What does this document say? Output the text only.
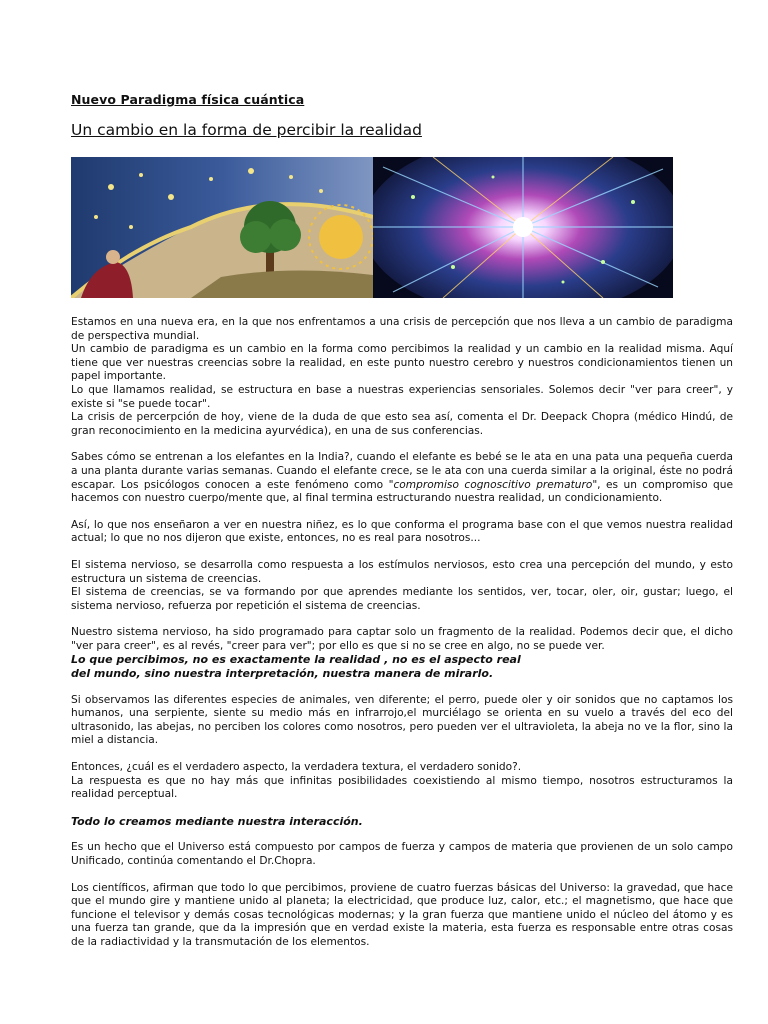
Nuevo Paradigma física cuántica
Un cambio en la forma de percibir la realidad
Estamos en una nueva era, en la que nos enfrentamos a una crisis de percepción que nos lleva a un cambio de paradigma de perspectiva mundial.
Un cambio de paradigma es un cambio en la forma como percibimos la realidad y un cambio en la realidad misma. Aquí tiene que ver nuestras creencias sobre la realidad, en este punto nuestro cerebro y nuestros condicionamientos tienen un papel importante.
Lo que llamamos realidad, se estructura en base a nuestras experiencias sensoriales. Solemos decir "ver para creer", y existe si "se puede tocar".
La crisis de percerpción de hoy, viene de la duda de que esto sea así, comenta el Dr. Deepack Chopra (médico Hindú, de gran reconocimiento en la medicina ayurvédica), en una de sus conferencias.
Sabes cómo se entrenan a los elefantes en la India?, cuando el elefante es bebé se le ata en una pata una pequeña cuerda a una planta durante varias semanas. Cuando el elefante crece, se le ata con una cuerda similar a la original, éste no podrá escapar. Los psicólogos conocen a este fenómeno como "compromiso cognoscitivo prematuro", es un compromiso que hacemos con nuestro cuerpo/mente que, al final termina estructurando nuestra realidad, un condicionamiento.
Así, lo que nos enseñaron a ver en nuestra niñez, es lo que conforma el programa base con el que vemos nuestra realidad actual; lo que no nos dijeron que existe, entonces, no es real para nosotros...
El sistema nervioso, se desarrolla como respuesta a los estímulos nerviosos, esto crea una percepción del mundo, y esto estructura un sistema de creencias.
El sistema de creencias, se va formando por que aprendes mediante los sentidos, ver, tocar, oler, oir, gustar; luego, el sistema nervioso, refuerza por repetición el sistema de creencias.
Nuestro sistema nervioso, ha sido programado para captar solo un fragmento de la realidad. Podemos decir que, el dicho "ver para creer", es al revés, "creer para ver"; por ello es que si no se cree en algo, no se puede ver.
Lo que percibimos, no es exactamente la realidad , no es el aspecto real
del mundo, sino nuestra interpretación, nuestra manera de mirarlo.
Si observamos las diferentes especies de animales, ven diferente; el perro, puede oler y oir sonidos que no captamos los humanos, una serpiente, siente su medio más en infrarrojo,el murciélago se orienta en su vuelo a través del eco del ultrasonido, las abejas, no perciben los colores como nosotros, pero pueden ver el ultravioleta, la abeja no ve la flor, sino la miel a distancia.
Entonces, ¿cuál es el verdadero aspecto, la verdadera textura, el verdadero sonido?.
La respuesta es que no hay más que infinitas posibilidades coexistiendo al mismo tiempo, nosotros estructuramos la realidad perceptual.
Todo lo creamos mediante nuestra interacción.
Es un hecho que el Universo está compuesto por campos de fuerza y campos de materia que provienen de un solo campo Unificado, continúa comentando el Dr.Chopra.
Los científicos, afirman que todo lo que percibimos, proviene de cuatro fuerzas básicas del Universo: la gravedad, que hace que el mundo gire y mantiene unido al planeta; la electricidad, que produce luz, calor, etc.; el magnetismo, que hace que funcione el televisor y demás cosas tecnológicas modernas; y la gran fuerza que mantiene unido el núcleo del átomo y es una fuerza tan grande, que da la impresión que en verdad existe la materia, esta fuerza es responsable entre otras cosas de la radiactividad y la transmutación de los elementos.
